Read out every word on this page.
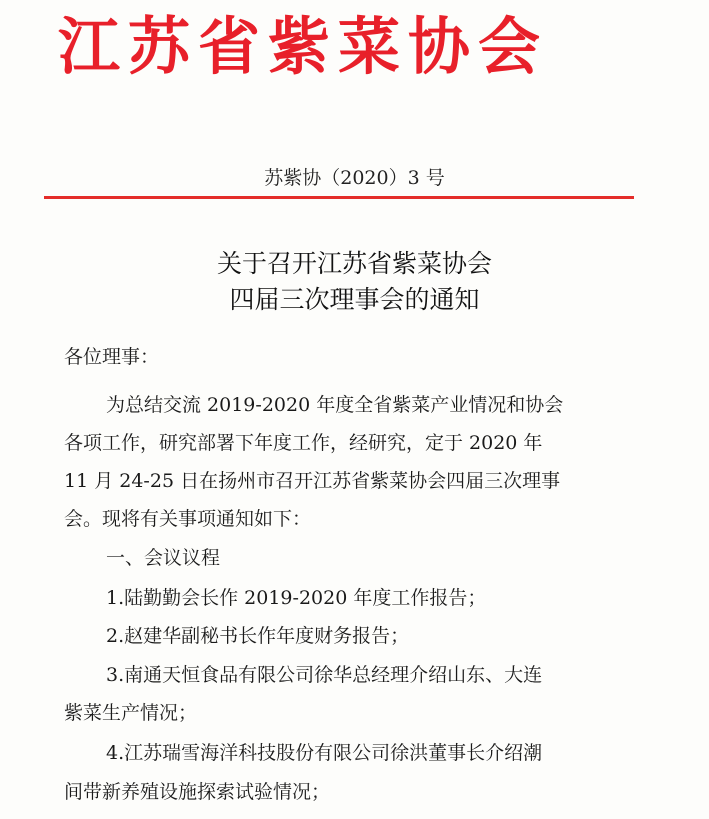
江苏省紫菜协会
苏紫协（2020）3 号
关于召开江苏省紫菜协会
四届三次理事会的通知
各位理事：
为总结交流 2019-2020 年度全省紫菜产业情况和协会
各项工作，研究部署下年度工作，经研究，定于 2020 年
11 月 24-25 日在扬州市召开江苏省紫菜协会四届三次理事
会。现将有关事项通知如下：
一、会议议程
1.陆勤勤会长作 2019-2020 年度工作报告；
2.赵建华副秘书长作年度财务报告；
3.南通天恒食品有限公司徐华总经理介绍山东、大连
紫菜生产情况；
4.江苏瑞雪海洋科技股份有限公司徐洪董事长介绍潮
间带新养殖设施探索试验情况；
